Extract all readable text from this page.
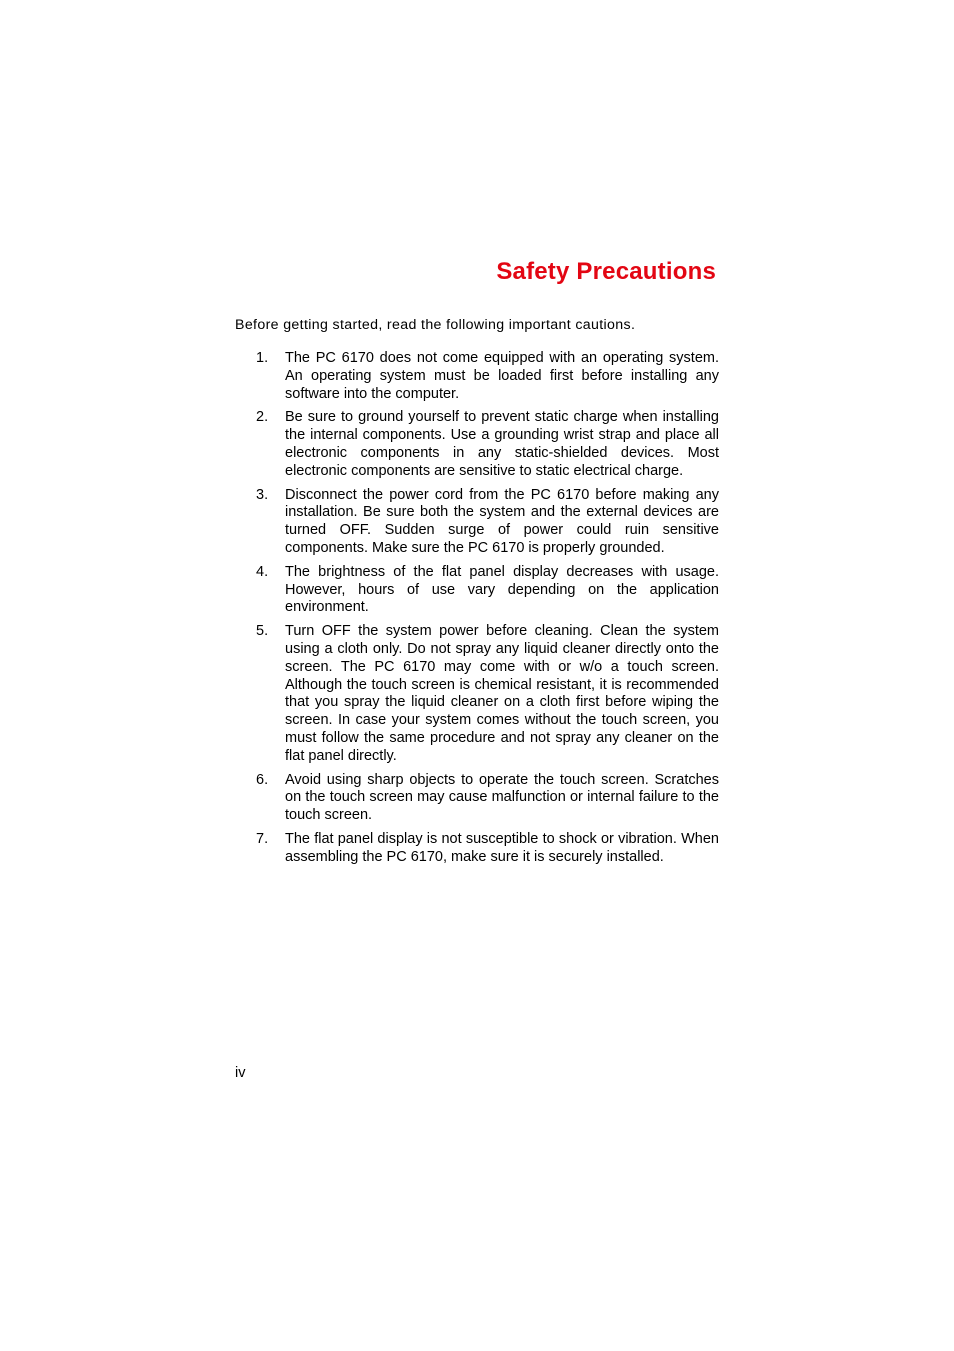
Safety Precautions

Before getting started, read the following important cautions.

1.	The PC 6170 does not come equipped with an operating system. An operating system must be loaded first before installing any software into the computer.
2.	Be sure to ground yourself to prevent static charge when installing the internal components. Use a grounding wrist strap and place all electronic components in any static-shielded devices. Most electronic components are sensitive to static electrical charge.
3.	Disconnect the power cord from the PC 6170 before making any installation. Be sure both the system and the external devices are turned OFF. Sudden surge of power could ruin sensitive components. Make sure the PC 6170 is properly grounded.
4.	The brightness of the flat panel display decreases with usage. However, hours of use vary depending on the application environment.
5.	Turn OFF the system power before cleaning. Clean the system using a cloth only. Do not spray any liquid cleaner directly onto the screen. The PC 6170 may come with or w/o a touch screen. Although the touch screen is chemical resistant, it is recommended that you spray the liquid cleaner on a cloth first before wiping the screen. In case your system comes without the touch screen, you must follow the same procedure and not spray any cleaner on the flat panel directly.
6.	Avoid using sharp objects to operate the touch screen. Scratches on the touch screen may cause malfunction or internal failure to the touch screen.
7.	The flat panel display is not susceptible to shock or vibration. When assembling the PC 6170, make sure it is securely installed.

iv
